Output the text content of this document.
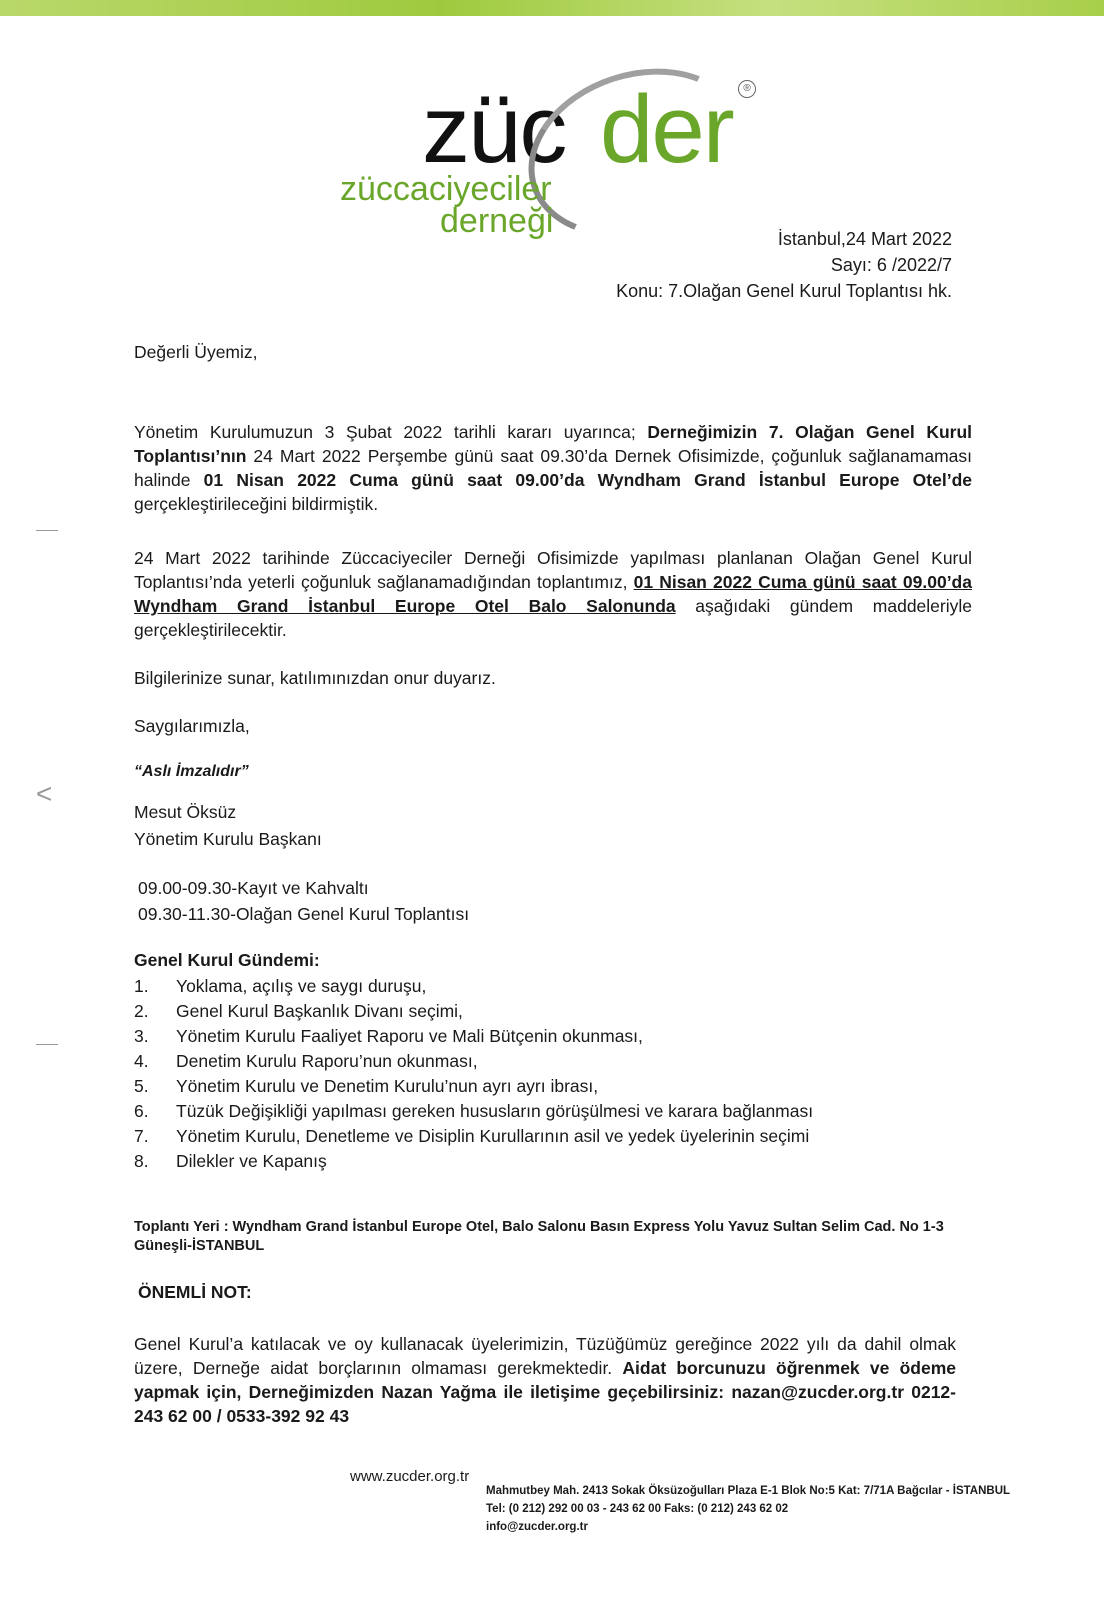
züc der	®
züccaciyeciler
derneği	İstanbul,24 Mart 2022
Sayı: 6 /2022/7
Konu: 7.Olağan Genel Kurul Toplantısı hk.
Değerli Üyemiz,
Yönetim Kurulumuzun 3 Şubat 2022 tarihli kararı uyarınca; Derneğimizin 7. Olağan Genel Kurul Toplantısı’nın 24 Mart 2022 Perşembe günü saat 09.30’da Dernek Ofisimizde, çoğunluk sağlanamaması halinde 01 Nisan 2022 Cuma günü saat 09.00’da Wyndham Grand İstanbul Europe Otel’de gerçekleştirileceğini bildirmiştik.
24 Mart 2022 tarihinde Züccaciyeciler Derneği Ofisimizde yapılması planlanan Olağan Genel Kurul Toplantısı’nda yeterli çoğunluk sağlanamadığından toplantımız, 01 Nisan 2022 Cuma günü saat 09.00’da Wyndham Grand İstanbul Europe Otel Balo Salonunda aşağıdaki gündem maddeleriyle gerçekleştirilecektir.
Bilgilerinize sunar, katılımınızdan onur duyarız.
Saygılarımızla,
“Aslı İmzalıdır”
<
Mesut Öksüz
Yönetim Kurulu Başkanı
09.00-09.30-Kayıt ve Kahvaltı
09.30-11.30-Olağan Genel Kurul Toplantısı
Genel Kurul Gündemi:
1.	Yoklama, açılış ve saygı duruşu,
2.	Genel Kurul Başkanlık Divanı seçimi,
3.	Yönetim Kurulu Faaliyet Raporu ve Mali Bütçenin okunması,
4.	Denetim Kurulu Raporu’nun okunması,
5.	Yönetim Kurulu ve Denetim Kurulu’nun ayrı ayrı ibrası,
6.	Tüzük Değişikliği yapılması gereken hususların görüşülmesi ve karara bağlanması
7.	Yönetim Kurulu, Denetleme ve Disiplin Kurullarının asil ve yedek üyelerinin seçimi
8.	Dilekler ve Kapanış
Toplantı Yeri : Wyndham Grand İstanbul Europe Otel, Balo Salonu Basın Express Yolu Yavuz Sultan Selim Cad. No 1-3
Güneşli-İSTANBUL
ÖNEMLİ NOT:
Genel Kurul’a katılacak ve oy kullanacak üyelerimizin, Tüzüğümüz gereğince 2022 yılı da dahil olmak üzere, Derneğe aidat borçlarının olmaması gerekmektedir. Aidat borcunuzu öğrenmek ve ödeme yapmak için, Derneğimizden Nazan Yağma ile iletişime geçebilirsiniz: nazan@zucder.org.tr 0212-243 62 00 / 0533-392 92 43
www.zucder.org.tr
Mahmutbey Mah. 2413 Sokak Öksüzoğulları Plaza E-1 Blok No:5 Kat: 7/71A Bağcılar - İSTANBUL
Tel: (0 212) 292 00 03 - 243 62 00 Faks: (0 212) 243 62 02
info@zucder.org.tr
